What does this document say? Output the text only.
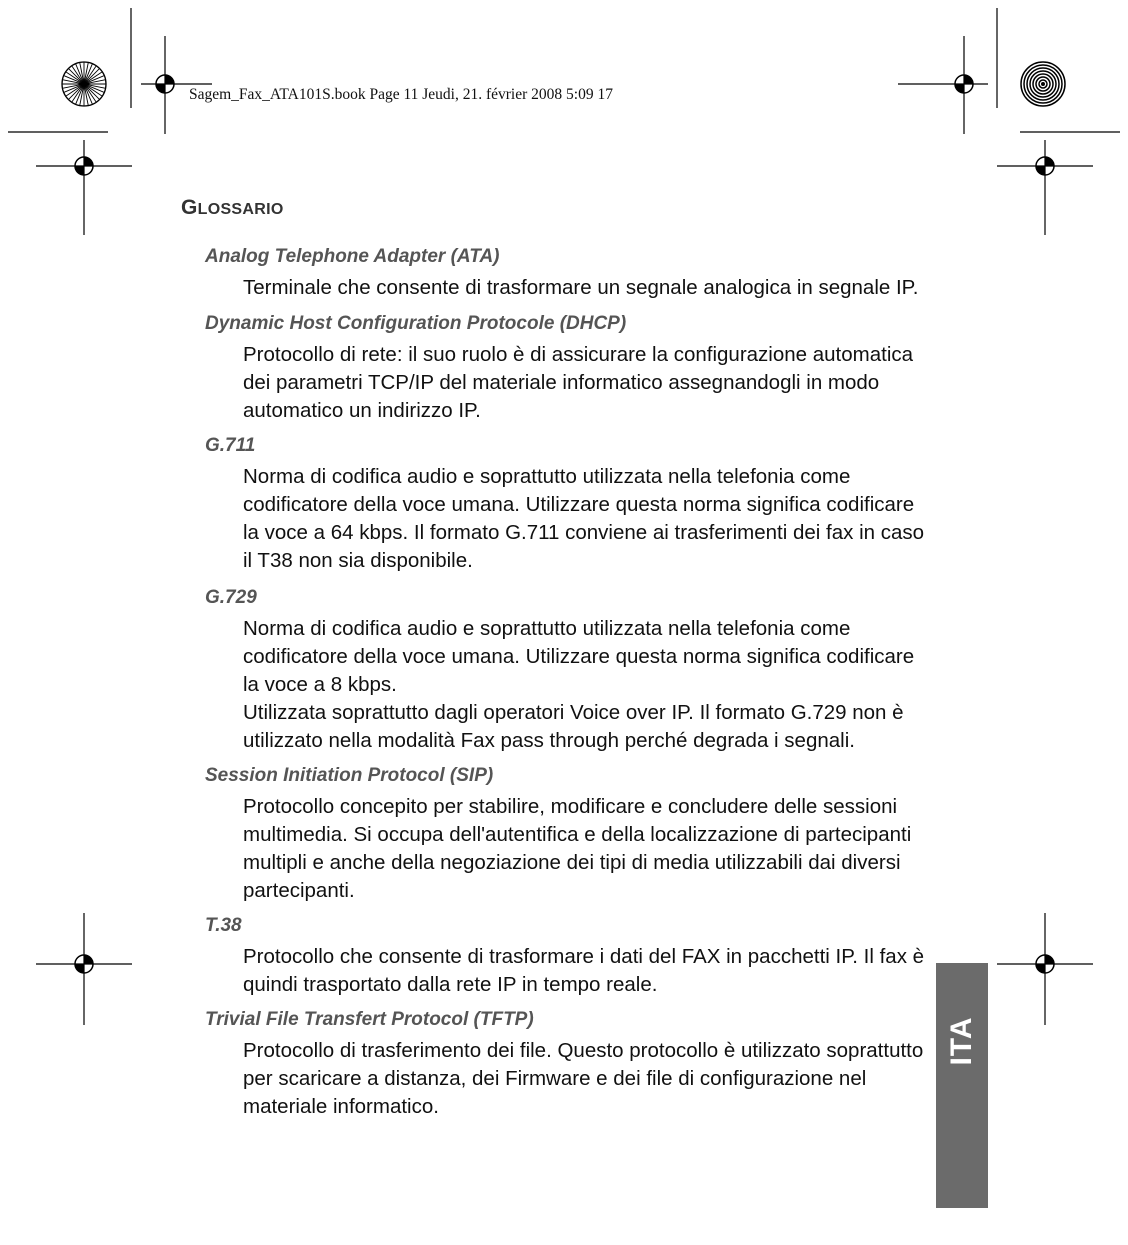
Sagem_Fax_ATA101S.book Page 11 Jeudi, 21. février 2008 5:09 17
GLOSSARIO
Analog Telephone Adapter (ATA)

Terminale che consente di trasformare un segnale analogica in segnale IP.

Dynamic Host Configuration Protocole (DHCP)

Protocollo di rete: il suo ruolo è di assicurare la configurazione automatica dei parametri TCP/IP del materiale informatico assegnandogli in modo automatico un indirizzo IP.

G.711

Norma di codifica audio e soprattutto utilizzata nella telefonia come codificatore della voce umana. Utilizzare questa norma significa codificare la voce a 64 kbps. Il formato G.711 conviene ai trasferimenti dei fax in caso il T38 non sia disponibile.

G.729

Norma di codifica audio e soprattutto utilizzata nella telefonia come codificatore della voce umana. Utilizzare questa norma significa codificare la voce a 8 kbps.

Utilizzata soprattutto dagli operatori Voice over IP. Il formato G.729 non è utilizzato nella modalità Fax pass through perché degrada i segnali.

Session Initiation Protocol (SIP)

Protocollo concepito per stabilire, modificare e concludere delle sessioni multimedia. Si occupa dell'autentifica e della localizzazione di partecipanti multipli e anche della negoziazione dei tipi di media utilizzabili dai diversi partecipanti.

T.38

Protocollo che consente di trasformare i dati del FAX in pacchetti IP. Il fax è quindi trasportato dalla rete IP in tempo reale.

Trivial File Transfert Protocol (TFTP)

Protocollo di trasferimento dei file. Questo protocollo è utilizzato soprattutto per scaricare a distanza, dei Firmware e dei file di configurazione nel materiale informatico.

ITA
